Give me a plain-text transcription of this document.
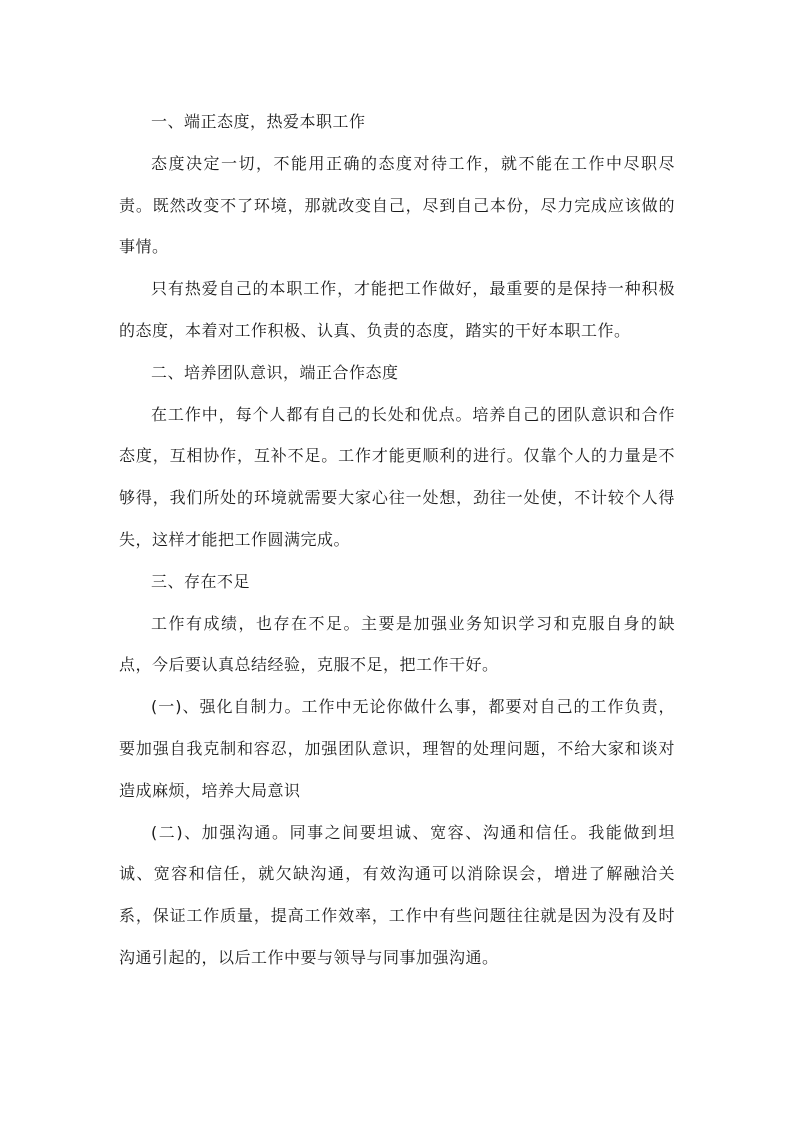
一、端正态度，热爱本职工作

态度决定一切，不能用正确的态度对待工作，就不能在工作中尽职尽责。既然改变不了环境，那就改变自己，尽到自己本份，尽力完成应该做的事情。

只有热爱自己的本职工作，才能把工作做好，最重要的是保持一种积极的态度，本着对工作积极、认真、负责的态度，踏实的干好本职工作。

二、培养团队意识，端正合作态度

在工作中，每个人都有自己的长处和优点。培养自己的团队意识和合作态度，互相协作，互补不足。工作才能更顺利的进行。仅靠个人的力量是不够得，我们所处的环境就需要大家心往一处想，劲往一处使，不计较个人得失，这样才能把工作圆满完成。

三、存在不足

工作有成绩，也存在不足。主要是加强业务知识学习和克服自身的缺点，今后要认真总结经验，克服不足，把工作干好。

(一)、强化自制力。工作中无论你做什么事，都要对自己的工作负责，要加强自我克制和容忍，加强团队意识，理智的处理问题，不给大家和谈对造成麻烦，培养大局意识

(二)、加强沟通。同事之间要坦诚、宽容、沟通和信任。我能做到坦诚、宽容和信任，就欠缺沟通，有效沟通可以消除误会，增进了解融洽关系，保证工作质量，提高工作效率，工作中有些问题往往就是因为没有及时沟通引起的，以后工作中要与领导与同事加强沟通。
